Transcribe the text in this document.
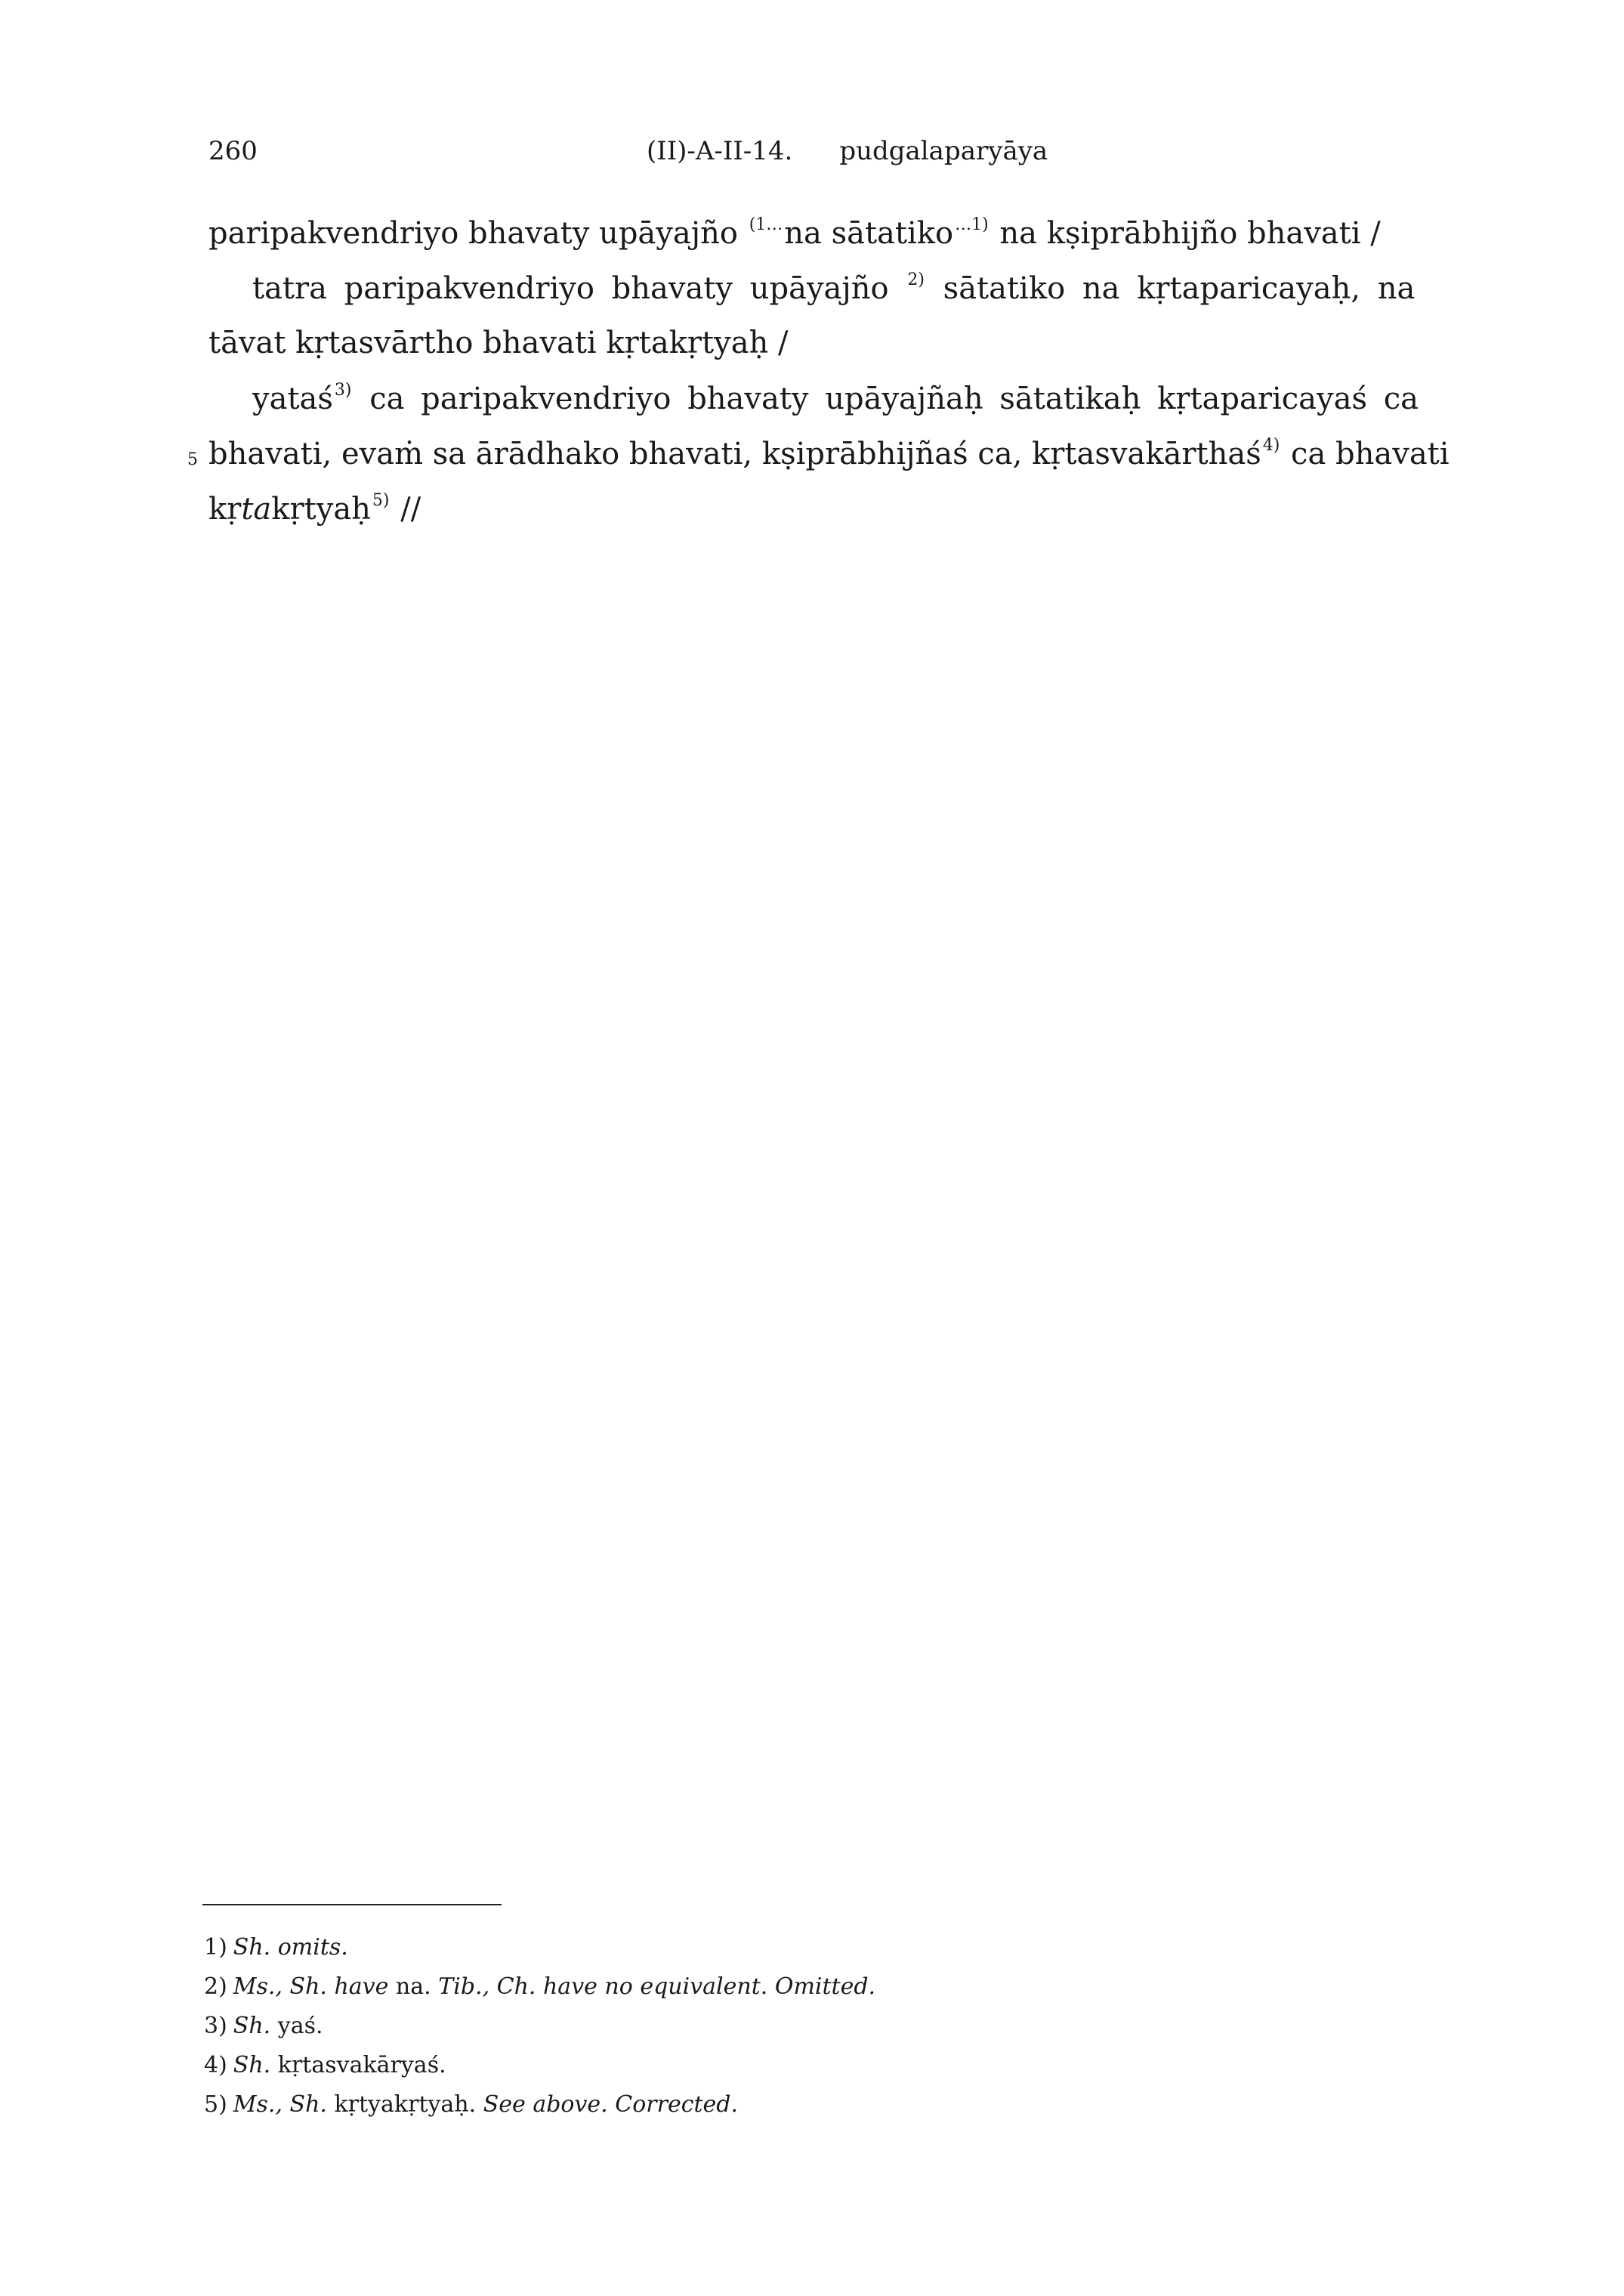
260	(II)-A-II-14. pudgalaparyāya
paripakvendriyo bhavaty upāyajño $^{(1\dots}$na sātatiko$^{\dots 1)}$ na kṣiprābhijño bhavati /
tatra paripakvendriyo bhavaty upāyajño $^{2)}$ sātatiko na kṛtaparicayaḥ, na
tāvat kṛtasvārtho bhavati kṛtakṛtyaḥ /
yataś$^{3)}$ ca paripakvendriyo bhavaty upāyajñaḥ sātatikaḥ kṛtaparicayaś ca
5 bhavati, evaṁ sa ārādhako bhavati, kṣiprābhijñaś ca, kṛtasvakārthaś$^{4)}$ ca bhavati
kṛtakṛtyaḥ$^{5)}$ //
1) Sh. omits.
2) Ms., Sh. have na. Tib., Ch. have no equivalent. Omitted.
3) Sh. yaś.
4) Sh. kṛtasvakāryaś.
5) Ms., Sh. kṛtyakṛtyaḥ. See above. Corrected.
